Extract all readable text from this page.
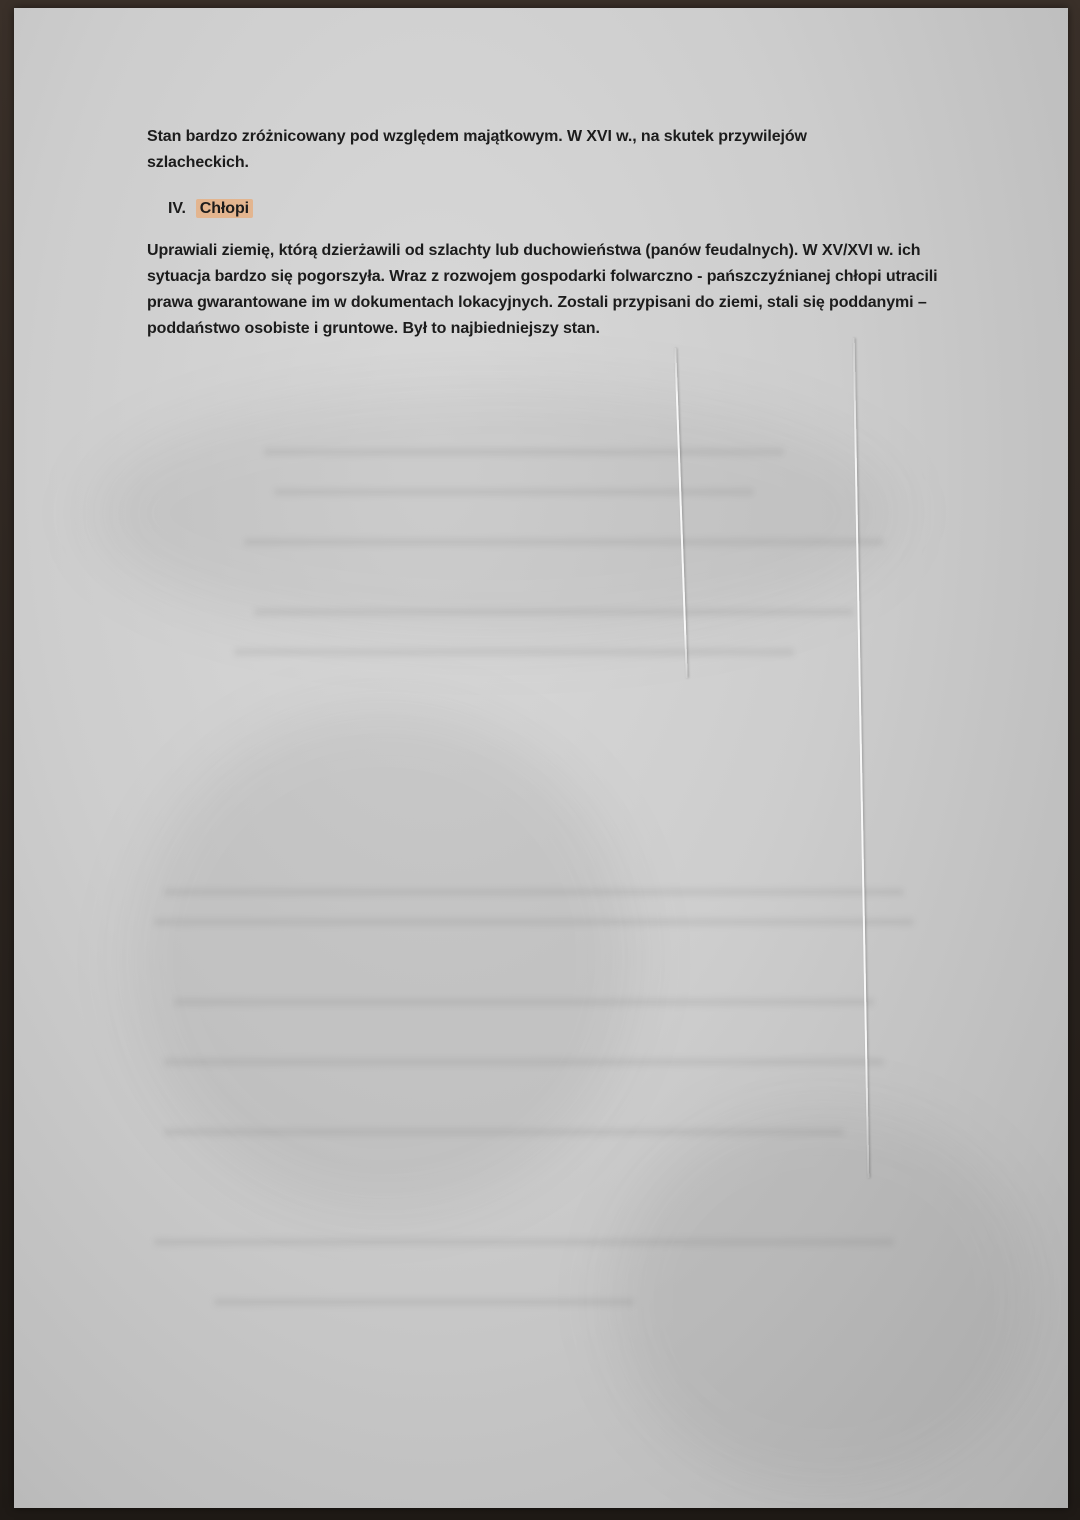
Stan bardzo zróżnicowany pod względem majątkowym. W XVI w., na skutek przywilejów szlacheckich.
IV. Chłopi
Uprawiali ziemię, którą dzierżawili od szlachty lub duchowieństwa (panów feudalnych). W XV/XVI w. ich sytuacja bardzo się pogorszyła. Wraz z rozwojem gospodarki folwarczno - pańszczyźnianej chłopi utracili prawa gwarantowane im w dokumentach lokacyjnych. Zostali przypisani do ziemi, stali się poddanymi – poddaństwo osobiste i gruntowe. Był to najbiedniejszy stan.
